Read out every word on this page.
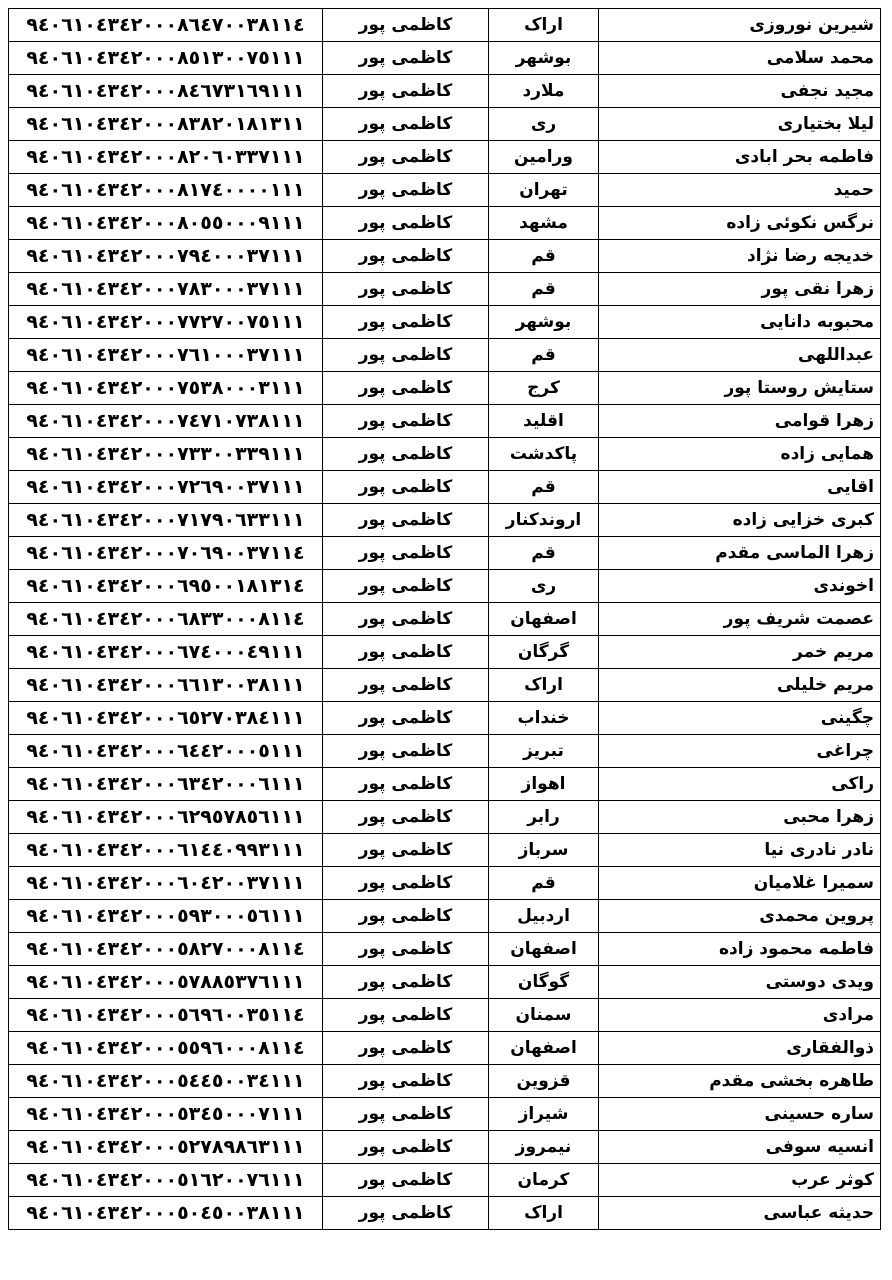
۹٤۰٦١۰٤٣٤٢۰۰۰۸٦٤٧۰۰٣٨١١٤	کاظمی پور	اراک	شیرین نوروزی
۹٤۰٦١۰٤٣٤٢۰۰۰۸٥١٣۰۰٧٥١١١	کاظمی پور	بوشهر	محمد سلامی
۹٤۰٦١۰٤٣٤٢۰۰۰۸٤٦٧٣١٦٩١١١	کاظمی پور	ملارد	مجید نجفی
۹٤۰٦١۰٤٣٤٢۰۰۰۸٣۸٢۰١۸١٣١١	کاظمی پور	ری	لیلا بختیاری
۹٤۰٦١۰٤٣٤٢۰۰۰۸٢۰٦۰٣٣٧١١١	کاظمی پور	ورامین	فاطمه بحر ابادی
۹٤۰٦١۰٤٣٤٢۰۰۰۸١٧٤۰۰۰۰١١١	کاظمی پور	تهران	حمید
۹٤۰٦١۰٤٣٤٢۰۰۰۸۰٥٥۰۰۰۹١١١	کاظمی پور	مشهد	نرگس نکوئی زاده
۹٤۰٦١۰٤٣٤٢۰۰۰٧۹٤۰۰۰٣٧١١١	کاظمی پور	قم	خدیجه رضا نژاد
۹٤۰٦١۰٤٣٤٢۰۰۰٧۸٣۰۰۰٣٧١١١	کاظمی پور	قم	زهرا نقی پور
۹٤۰٦١۰٤٣٤٢۰۰۰٧٧٢٧۰۰٧٥١١١	کاظمی پور	بوشهر	محبوبه دانایی
۹٤۰٦١۰٤٣٤٢۰۰۰٧٦١۰۰۰٣٧١١١	کاظمی پور	قم	عبداللهی
۹٤۰٦١۰٤٣٤٢۰۰۰٧٥٣۸۰۰۰٣١١١	کاظمی پور	کرج	ستایش روستا پور
۹٤۰٦١۰٤٣٤٢۰۰۰٧٤٧١۰٧٣۸١١١	کاظمی پور	اقلید	زهرا قوامی
۹٤۰٦١۰٤٣٤٢۰۰۰٧٣٣۰۰٣٣۹١١١	کاظمی پور	پاکدشت	همایی زاده
۹٤۰٦١۰٤٣٤٢۰۰۰٧٢٦۹۰۰٣٧١١١	کاظمی پور	قم	اقایی
۹٤۰٦١۰٤٣٤٢۰۰۰٧١٧۹۰٦٣٣١١١	کاظمی پور	اروندکنار	کبری خزایی زاده
۹٤۰٦١۰٤٣٤٢۰۰۰٧۰٦۹۰۰٣٧١١٤	کاظمی پور	قم	زهرا الماسی مقدم
۹٤۰٦١۰٤٣٤٢۰۰۰٦۹٥۰۰١۸١٣١٤	کاظمی پور	ری	اخوندی
۹٤۰٦١۰٤٣٤٢۰۰۰٦۸٣٣۰۰۰۸١١٤	کاظمی پور	اصفهان	عصمت شریف پور
۹٤۰٦١۰٤٣٤٢۰۰۰٦٧٤۰۰۰٤۹١١١	کاظمی پور	گرگان	مریم خمر
۹٤۰٦١۰٤٣٤٢۰۰۰٦٦١٣۰۰٣۸١١١	کاظمی پور	اراک	مریم خلیلی
۹٤۰٦١۰٤٣٤٢۰۰۰٦٥٢٧۰٣۸٤١١١	کاظمی پور	خنداب	چگینی
۹٤۰٦١۰٤٣٤٢۰۰۰٦٤٤٢۰۰۰٥١١١	کاظمی پور	تبریز	چراغی
۹٤۰٦١۰٤٣٤٢۰۰۰٦٣٤٢۰۰۰٦١١١	کاظمی پور	اهواز	راکی
۹٤۰٦١۰٤٣٤٢۰۰۰٦٢۹٥٧۸٥٦١١١	کاظمی پور	رابر	زهرا محبی
۹٤۰٦١۰٤٣٤٢۰۰۰٦١٤٤۰۹۹٣١١١	کاظمی پور	سرباز	نادر نادری نیا
۹٤۰٦١۰٤٣٤٢۰۰۰٦۰٤٢۰۰٣٧١١١	کاظمی پور	قم	سمیرا غلامیان
۹٤۰٦١۰٤٣٤٢۰۰۰٥۹٣۰۰۰٥٦١١١	کاظمی پور	اردبیل	پروین محمدی
۹٤۰٦١۰٤٣٤٢۰۰۰٥۸٢٧۰۰۰۸١١٤	کاظمی پور	اصفهان	فاطمه محمود زاده
۹٤۰٦١۰٤٣٤٢۰۰۰٥٧۸۸٥٣٧٦١١١	کاظمی پور	گوگان	ویدی دوستی
۹٤۰٦١۰٤٣٤٢۰۰۰٥٦۹٦۰۰٣٥١١٤	کاظمی پور	سمنان	مرادی
۹٤۰٦١۰٤٣٤٢۰۰۰٥٥۹٦۰۰۰۸١١٤	کاظمی پور	اصفهان	ذوالفقاری
۹٤۰٦١۰٤٣٤٢۰۰۰٥٤٤٥۰۰٣٤١١١	کاظمی پور	قزوین	طاهره بخشی مقدم
۹٤۰٦١۰٤٣٤٢۰۰۰٥٣٤٥۰۰۰٧١١١	کاظمی پور	شیراز	ساره حسینی
۹٤۰٦١۰٤٣٤٢۰۰۰٥٢٧۸۹۸٦٣١١١	کاظمی پور	نیمروز	انسیه سوفی
۹٤۰٦١۰٤٣٤٢۰۰۰٥١٦٢۰۰٧٦١١١	کاظمی پور	کرمان	کوثر عرب
۹٤۰٦١۰٤٣٤٢۰۰۰٥۰٤٥۰۰٣۸١١١	کاظمی پور	اراک	حدیثه عباسی
